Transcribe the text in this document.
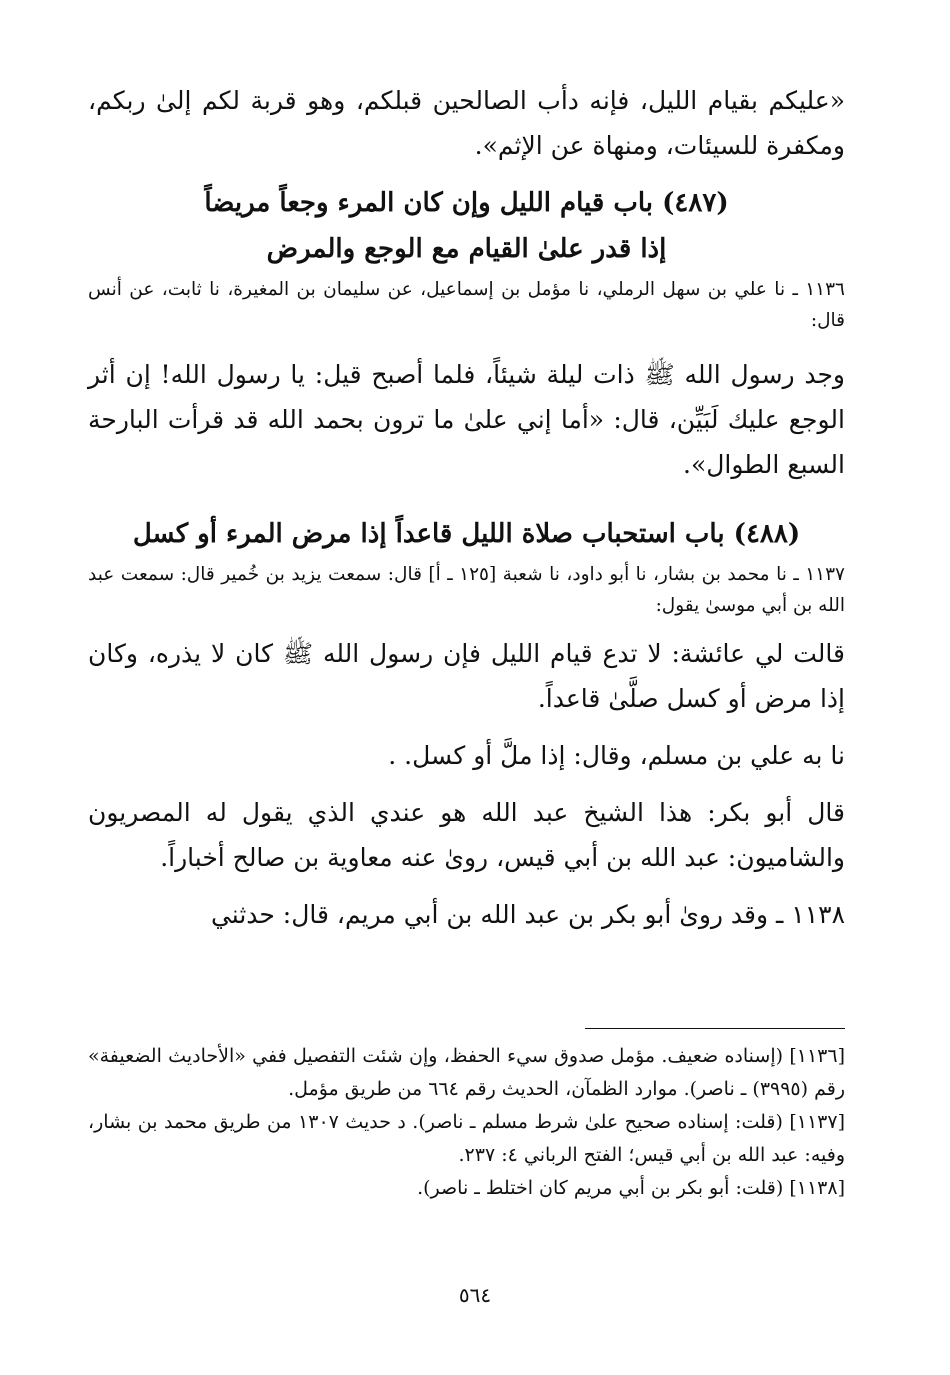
«عليكم بقيام الليل، فإنه دأب الصالحين قبلكم، وهو قربة لكم إلىٰ ربكم، ومكفرة للسيئات، ومنهاة عن الإثم».

(٤٨٧) باب قيام الليل وإن كان المرء وجعاً مريضاً
إذا قدر علىٰ القيام مع الوجع والمرض

١١٣٦ ـ نا علي بن سهل الرملي، نا مؤمل بن إسماعيل، عن سليمان بن المغيرة، نا ثابت، عن أنس قال:

وجد رسول الله ﷺ ذات ليلة شيئاً، فلما أصبح قيل: يا رسول الله! إن أثر الوجع عليك لَبَيِّن، قال: «أما إني علىٰ ما ترون بحمد الله قد قرأت البارحة السبع الطوال».

(٤٨٨) باب استحباب صلاة الليل قاعداً إذا مرض المرء أو كسل

١١٣٧ ـ نا محمد بن بشار، نا أبو داود، نا شعبة [١٢٥ ـ أ] قال: سمعت يزيد بن خُمير قال: سمعت عبد الله بن أبي موسىٰ يقول:

قالت لي عائشة: لا تدع قيام الليل فإن رسول الله ﷺ كان لا يذره، وكان إذا مرض أو كسل صلَّىٰ قاعداً.

نا به علي بن مسلم، وقال: إذا ملَّ أو كسل. .

قال أبو بكر: هذا الشيخ عبد الله هو عندي الذي يقول له المصريون والشاميون: عبد الله بن أبي قيس، روىٰ عنه معاوية بن صالح أخباراً.

١١٣٨ ـ وقد روىٰ أبو بكر بن عبد الله بن أبي مريم، قال: حدثني

[١١٣٦] (إسناده ضعيف. مؤمل صدوق سيء الحفظ، وإن شئت التفصيل ففي «الأحاديث الضعيفة» رقم (٣٩٩٥) ـ ناصر). موارد الظمآن، الحديث رقم ٦٦٤ من طريق مؤمل.

[١١٣٧] (قلت: إسناده صحيح علىٰ شرط مسلم ـ ناصر). د حديث ١٣٠٧ من طريق محمد بن بشار، وفيه: عبد الله بن أبي قيس؛ الفتح الرباني ٤: ٢٣٧.

[١١٣٨] (قلت: أبو بكر بن أبي مريم كان اختلط ـ ناصر).

٥٦٤
